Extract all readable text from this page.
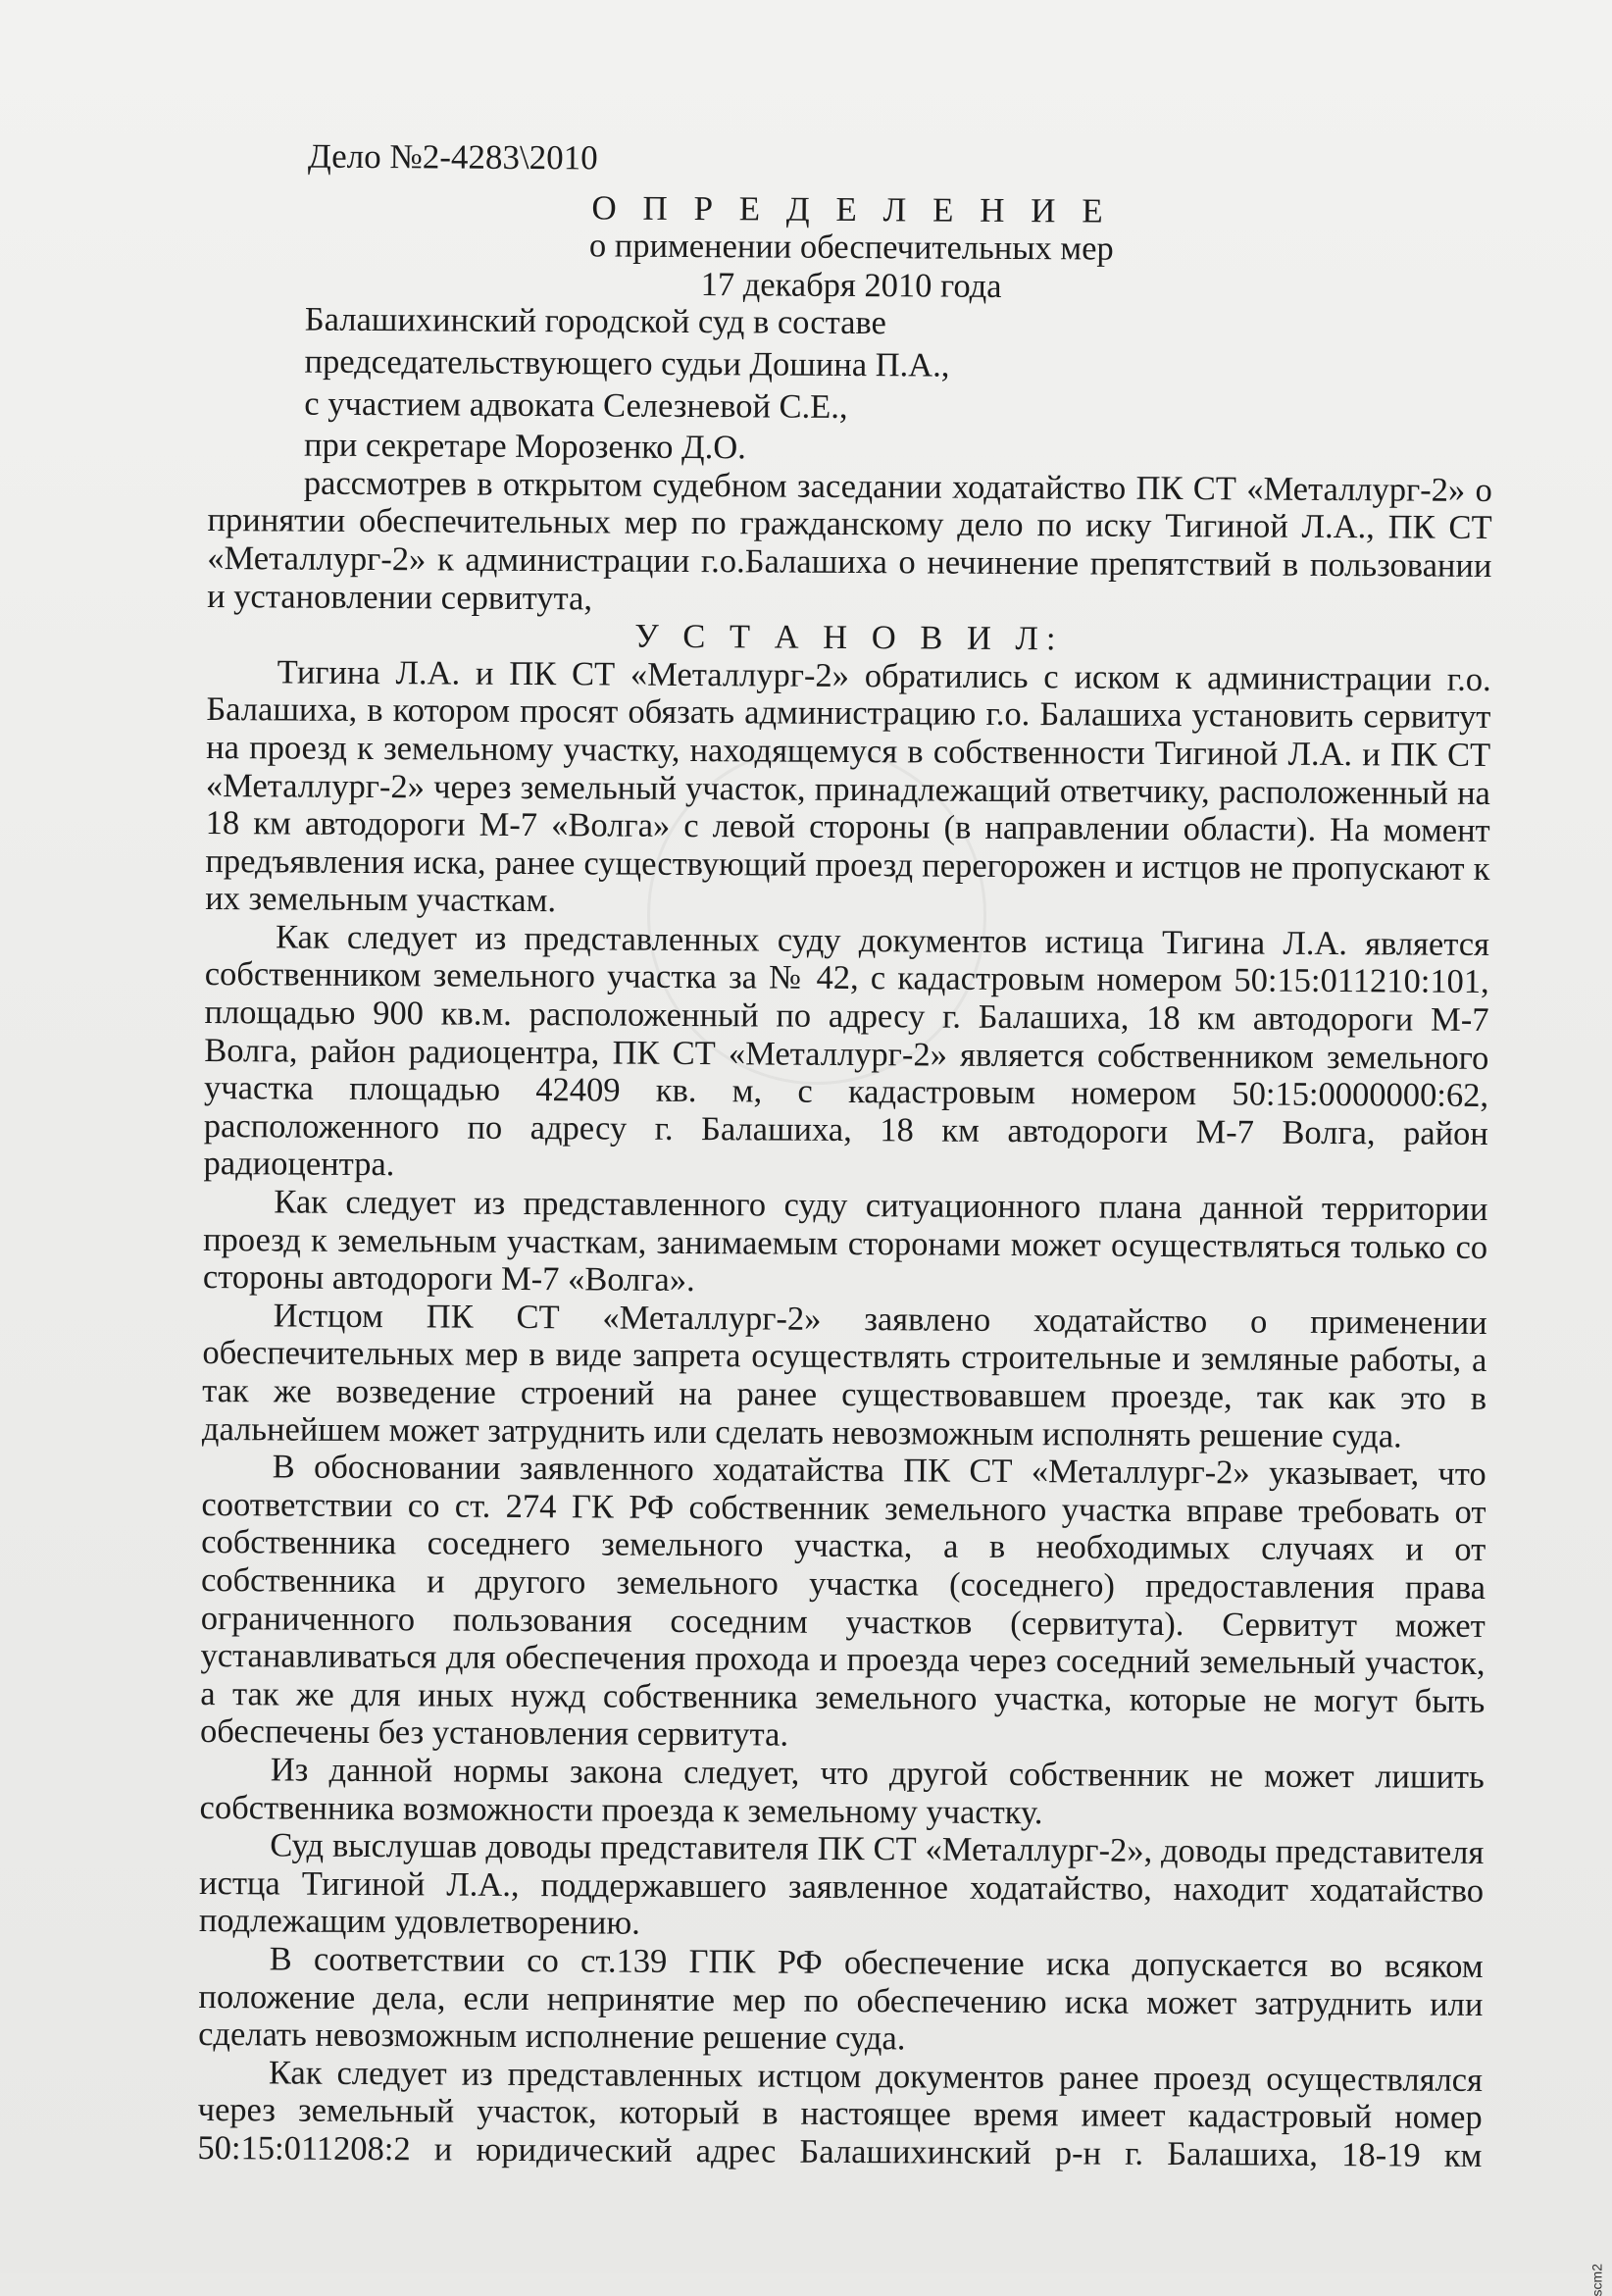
Дело №2-4283\2010
О П Р Е Д Е Л Е Н И Е
о применении обеспечительных мер
17 декабря 2010 года
Балашихинский городской суд в составе
председательствующего судьи Дошина П.А.,
с участием адвоката Селезневой С.Е.,
при секретаре Морозенко Д.О.

рассмотрев в открытом судебном заседании ходатайство ПК СТ «Металлург-2» о принятии обеспечительных мер по гражданскому дело по иску Тигиной Л.А., ПК СТ «Металлург-2» к администрации г.о.Балашиха о нечинение препятствий в пользовании и установлении сервитута,

У С Т А Н О В И Л:

Тигина Л.А. и ПК СТ «Металлург-2» обратились с иском к администрации г.о. Балашиха, в котором просят обязать администрацию г.о. Балашиха установить сервитут на проезд к земельному участку, находящемуся в собственности Тигиной Л.А. и ПК СТ «Металлург-2» через земельный участок, принадлежащий ответчику, расположенный на 18 км автодороги М-7 «Волга» с левой стороны (в направлении области). На момент предъявления иска, ранее существующий проезд перегорожен и истцов не пропускают к их земельным участкам.

Как следует из представленных суду документов истица Тигина Л.А. является собственником земельного участка за № 42, с кадастровым номером 50:15:011210:101, площадью 900 кв.м. расположенный по адресу г. Балашиха, 18 км автодороги М-7 Волга, район радиоцентра, ПК СТ «Металлург-2» является собственником земельного участка площадью 42409 кв. м, с кадастровым номером 50:15:0000000:62, расположенного по адресу г. Балашиха, 18 км автодороги М-7 Волга, район радиоцентра.

Как следует из представленного суду ситуационного плана данной территории проезд к земельным участкам, занимаемым сторонами может осуществляться только со стороны автодороги М-7 «Волга».

Истцом ПК СТ «Металлург-2» заявлено ходатайство о применении обеспечительных мер в виде запрета осуществлять строительные и земляные работы, а так же возведение строений на ранее существовавшем проезде, так как это в дальнейшем может затруднить или сделать невозможным исполнять решение суда.

В обосновании заявленного ходатайства ПК СТ «Металлург-2» указывает, что соответствии со ст. 274 ГК РФ собственник земельного участка вправе требовать от собственника соседнего земельного участка, а в необходимых случаях и от собственника и другого земельного участка (соседнего) предоставления права ограниченного пользования соседним участков (сервитута). Сервитут может устанавливаться для обеспечения прохода и проезда через соседний земельный участок, а так же для иных нужд собственника земельного участка, которые не могут быть обеспечены без установления сервитута.

Из данной нормы закона следует, что другой собственник не может лишить собственника возможности проезда к земельному участку.

Суд выслушав доводы представителя ПК СТ «Металлург-2», доводы представителя истца Тигиной Л.А., поддержавшего заявленное ходатайство, находит ходатайство подлежащим удовлетворению.

В соответствии со ст.139 ГПК РФ обеспечение иска допускается во всяком положение дела, если непринятие мер по обеспечению иска может затруднить или сделать невозможным исполнение решение суда.

Как следует из представленных истцом документов ранее проезд осуществлялся через земельный участок, который в настоящее время имеет кадастровый номер 50:15:011208:2 и юридический адрес Балашихинский р-н г. Балашиха, 18-19 км

scm2
